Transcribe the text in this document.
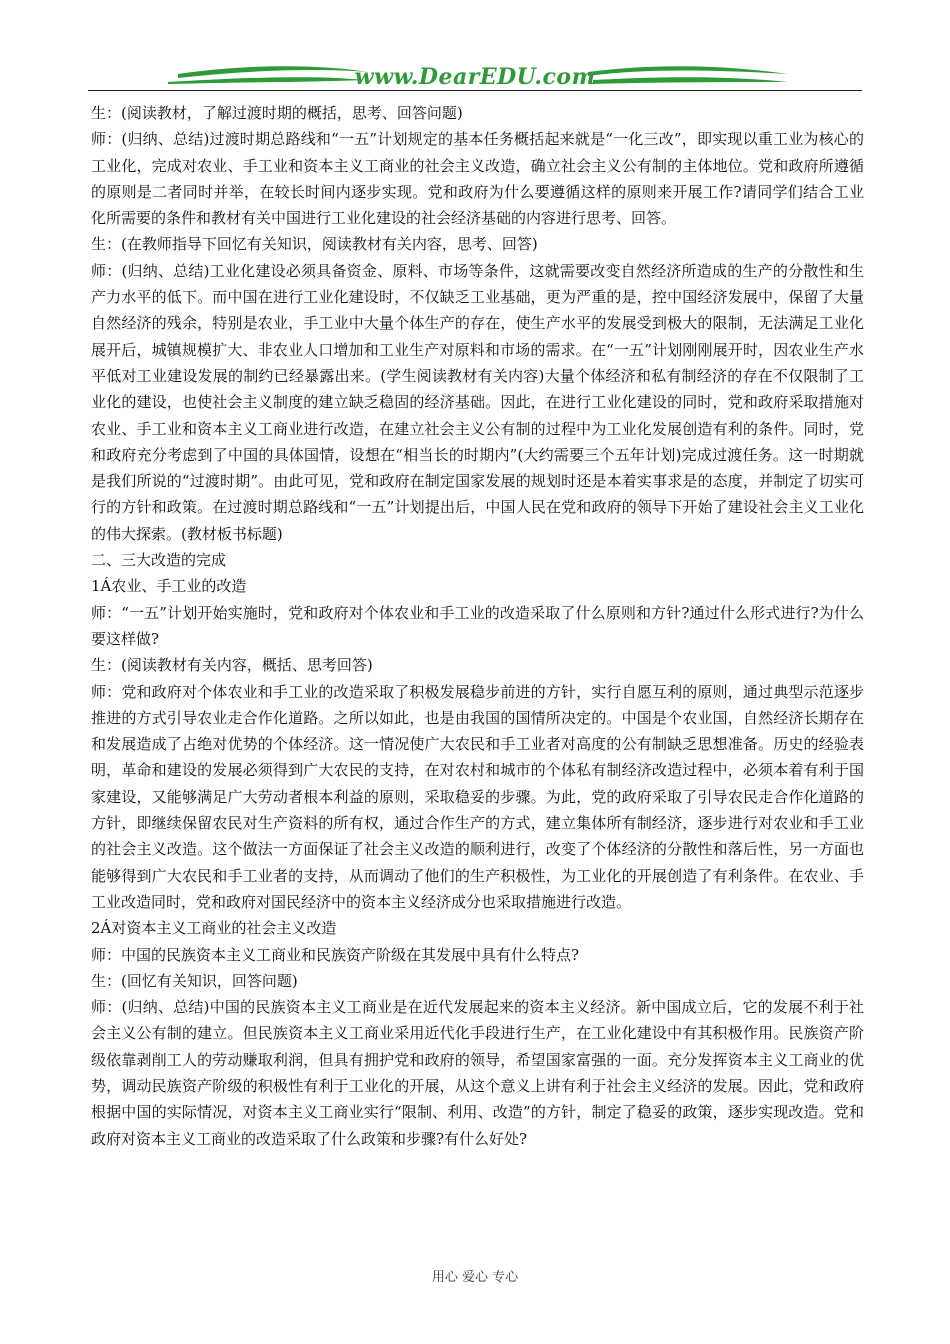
www.DearEDU.com

生：(阅读教材，了解过渡时期的概括，思考、回答问题)

师：(归纳、总结)过渡时期总路线和“一五”计划规定的基本任务概括起来就是“一化三改”，即实现以重工业为核心的工业化，完成对农业、手工业和资本主义工商业的社会主义改造，确立社会主义公有制的主体地位。党和政府所遵循的原则是二者同时并举，在较长时间内逐步实现。党和政府为什么要遵循这样的原则来开展工作?请同学们结合工业化所需要的条件和教材有关中国进行工业化建设的社会经济基础的内容进行思考、回答。

生：(在教师指导下回忆有关知识，阅读教材有关内容，思考、回答)

师：(归纳、总结)工业化建设必须具备资金、原料、市场等条件，这就需要改变自然经济所造成的生产的分散性和生产力水平的低下。而中国在进行工业化建设时，不仅缺乏工业基础，更为严重的是，控中国经济发展中，保留了大量自然经济的残余，特别是农业，手工业中大量个体生产的存在，使生产水平的发展受到极大的限制，无法满足工业化展开后，城镇规模扩大、非农业人口增加和工业生产对原料和市场的需求。在“一五”计划刚刚展开时，因农业生产水平低对工业建设发展的制约已经暴露出来。(学生阅读教材有关内容)大量个体经济和私有制经济的存在不仅限制了工业化的建设，也使社会主义制度的建立缺乏稳固的经济基础。因此，在进行工业化建设的同时，党和政府采取措施对农业、手工业和资本主义工商业进行改造，在建立社会主义公有制的过程中为工业化发展创造有利的条件。同时，党和政府充分考虑到了中国的具体国情，设想在“相当长的时期内”(大约需要三个五年计划)完成过渡任务。这一时期就是我们所说的“过渡时期”。由此可见，党和政府在制定国家发展的规划时还是本着实事求是的态度，并制定了切实可行的方针和政策。在过渡时期总路线和“一五”计划提出后，中国人民在党和政府的领导下开始了建设社会主义工业化的伟大探索。(教材板书标题)

二、三大改造的完成

1Á农业、手工业的改造

师：“一五”计划开始实施时，党和政府对个体农业和手工业的改造采取了什么原则和方针?通过什么形式进行?为什么要这样做?

生：(阅读教材有关内容，概括、思考回答)

师：党和政府对个体农业和手工业的改造采取了积极发展稳步前进的方针，实行自愿互利的原则，通过典型示范逐步推进的方式引导农业走合作化道路。之所以如此，也是由我国的国情所决定的。中国是个农业国，自然经济长期存在和发展造成了占绝对优势的个体经济。这一情况使广大农民和手工业者对高度的公有制缺乏思想准备。历史的经验表明，革命和建设的发展必须得到广大农民的支持，在对农村和城市的个体私有制经济改造过程中，必须本着有利于国家建设，又能够满足广大劳动者根本利益的原则，采取稳妥的步骤。为此，党的政府采取了引导农民走合作化道路的方针，即继续保留农民对生产资料的所有权，通过合作生产的方式，建立集体所有制经济，逐步进行对农业和手工业的社会主义改造。这个做法一方面保证了社会主义改造的顺利进行，改变了个体经济的分散性和落后性，另一方面也能够得到广大农民和手工业者的支持，从而调动了他们的生产积极性，为工业化的开展创造了有利条件。在农业、手工业改造同时，党和政府对国民经济中的资本主义经济成分也采取措施进行改造。

2Á对资本主义工商业的社会主义改造

师：中国的民族资本主义工商业和民族资产阶级在其发展中具有什么特点?

生：(回忆有关知识，回答问题)

师：(归纳、总结)中国的民族资本主义工商业是在近代发展起来的资本主义经济。新中国成立后，它的发展不利于社会主义公有制的建立。但民族资本主义工商业采用近代化手段进行生产，在工业化建设中有其积极作用。民族资产阶级依靠剥削工人的劳动赚取利润，但具有拥护党和政府的领导，希望国家富强的一面。充分发挥资本主义工商业的优势，调动民族资产阶级的积极性有利于工业化的开展，从这个意义上讲有利于社会主义经济的发展。因此，党和政府根据中国的实际情况，对资本主义工商业实行“限制、利用、改造”的方针，制定了稳妥的政策，逐步实现改造。党和政府对资本主义工商业的改造采取了什么政策和步骤?有什么好处?

用心 爱心 专心
